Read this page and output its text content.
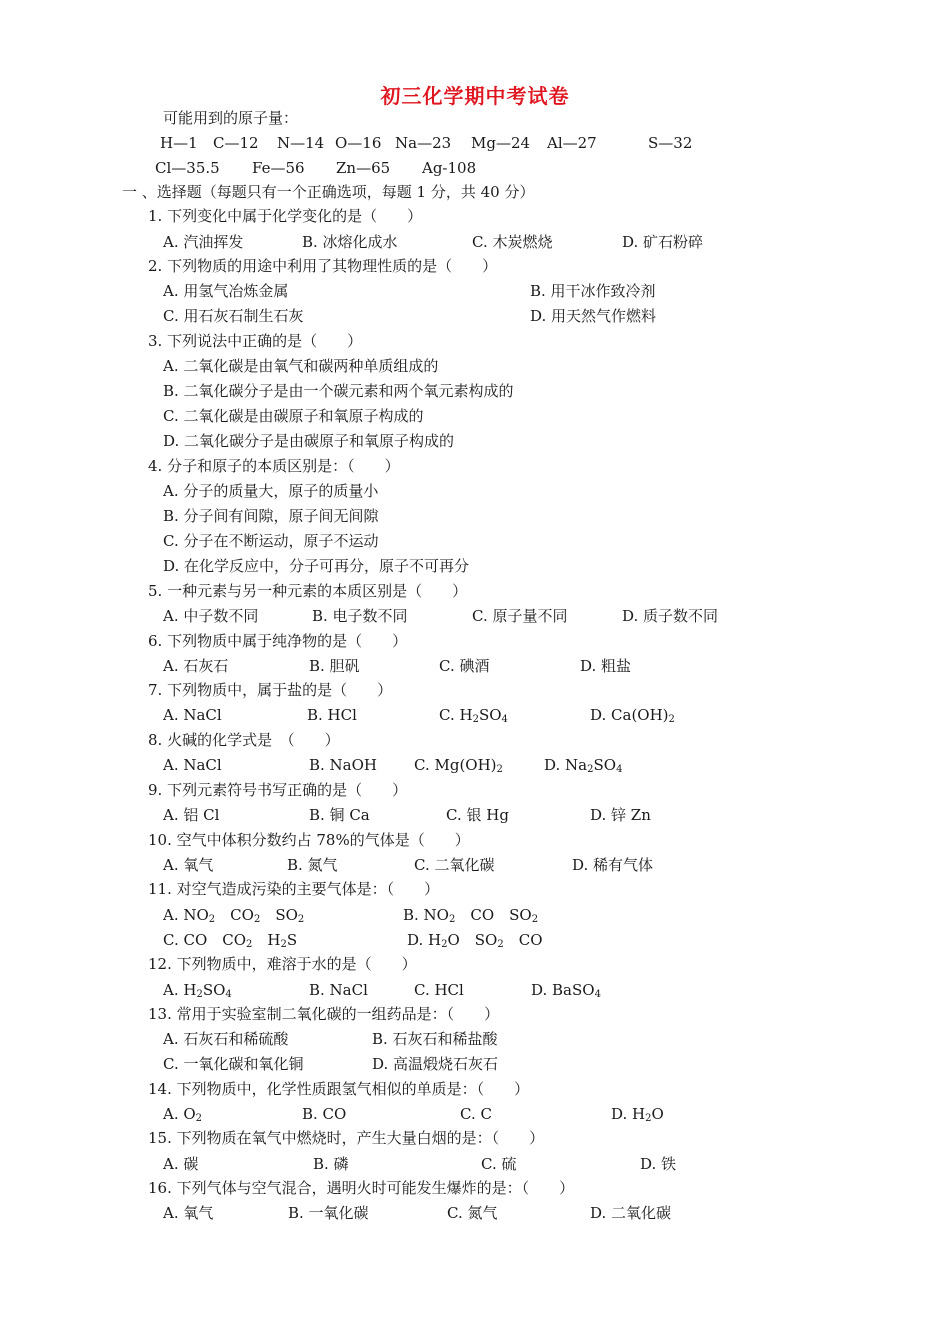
初三化学期中考试卷
可能用到的原子量：
H—1 C—12 N—14 O—16 Na—23 Mg—24 Al—27	S—32
Cl—35.5 Fe—56 Zn—65 Ag-108
一 、选择题（每题只有一个正确选项，每题 1 分，共 40 分）
1. 下列变化中属于化学变化的是（　　）
A. 汽油挥发	B. 冰熔化成水	C. 木炭燃烧	D. 矿石粉碎
2. 下列物质的用途中利用了其物理性质的是（　　）
A. 用氢气冶炼金属	B. 用干冰作致冷剂
C. 用石灰石制生石灰	D. 用天然气作燃料
3. 下列说法中正确的是（　　）
A. 二氧化碳是由氧气和碳两种单质组成的
B. 二氧化碳分子是由一个碳元素和两个氧元素构成的
C. 二氧化碳是由碳原子和氧原子构成的
D. 二氧化碳分子是由碳原子和氧原子构成的
4. 分子和原子的本质区别是：（　　）
A. 分子的质量大，原子的质量小
B. 分子间有间隙，原子间无间隙
C. 分子在不断运动，原子不运动
D. 在化学反应中，分子可再分，原子不可再分
5. 一种元素与另一种元素的本质区别是（　　）
A. 中子数不同	B. 电子数不同	C. 原子量不同	D. 质子数不同
6. 下列物质中属于纯净物的是（　　）
A. 石灰石	B. 胆矾	C. 碘酒	D. 粗盐
7. 下列物质中，属于盐的是（　　）
A. NaCl	B. HCl	C. $H_2SO_4$	D. $Ca(OH)_2$
8. 火碱的化学式是　（　　）
A. NaCl	B. NaOH C. $Mg(OH)_2$	D. $Na_2SO_4$
9. 下列元素符号书写正确的是（　　）
A. 铝 Cl	B. 铜 Ca	C. 银 Hg	D. 锌 Zn
10. 空气中体积分数约占 78%的气体是（　　）
A. 氧气	B. 氮气	C. 二氧化碳	D. 稀有气体
11. 对空气造成污染的主要气体是：（　　）
A. $NO_2$　$CO_2$　$SO_2$	B. $NO_2$　CO　$SO_2$
C. CO　$CO_2$　$H_2S$	D. $H_2O$　$SO_2$　CO
12. 下列物质中，难溶于水的是（　　）
A. $H_2SO_4$	B. NaCl	C. HCl	D. BaSO$_4$
13. 常用于实验室制二氧化碳的一组药品是：（　　）
A. 石灰石和稀硫酸	B. 石灰石和稀盐酸
C. 一氧化碳和氧化铜	D. 高温煅烧石灰石
14. 下列物质中，化学性质跟氢气相似的单质是：（　　）
A. $O_2$	B. CO	C. C	D. $H_2O$
15. 下列物质在氧气中燃烧时，产生大量白烟的是：（　　）
A. 碳	B. 磷	C. 硫	D. 铁
16. 下列气体与空气混合，遇明火时可能发生爆炸的是：（　　）
A. 氧气	B. 一氧化碳	C. 氮气	D. 二氧化碳
